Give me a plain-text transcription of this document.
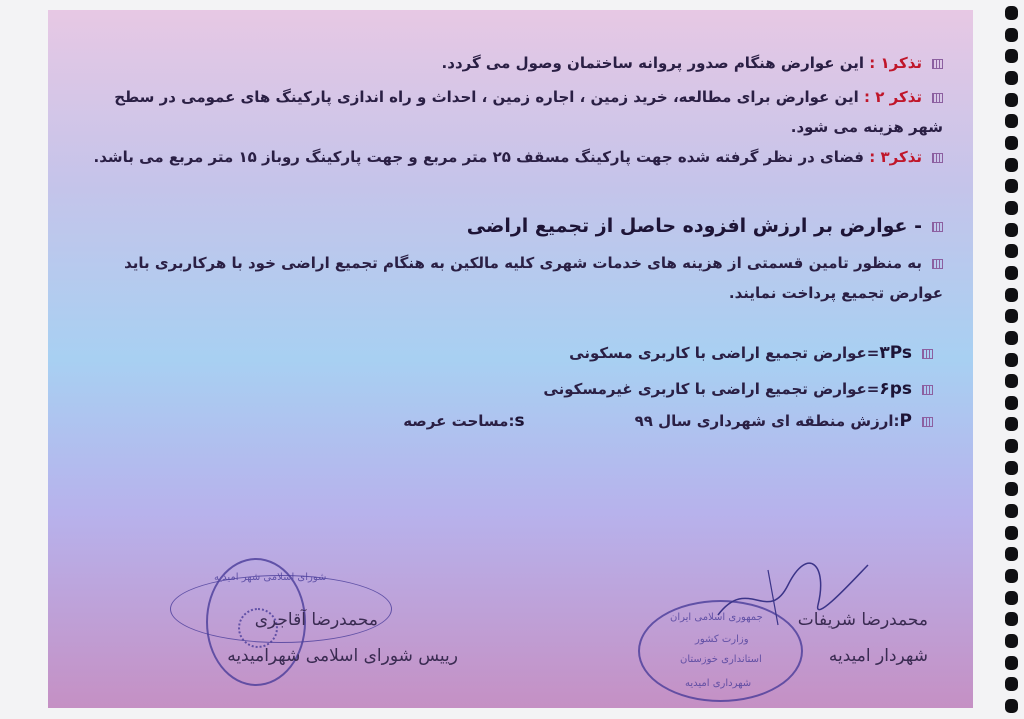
تذکر۱ : این عوارض هنگام صدور پروانه ساختمان وصول می گردد.
تذکر ۲ : این عوارض برای مطالعه، خرید زمین ، اجاره زمین ، احداث و راه اندازی پارکینگ های عمومی در سطح شهر هزینه می شود.
تذکر۳ : فضای در نظر گرفته شده جهت پارکینگ مسقف ۲۵ متر مربع و جهت پارکینگ روباز ۱۵ متر مربع می باشد.
- عوارض بر ارزش افزوده حاصل از تجمیع اراضی
به منظور تامین قسمتی از هزینه های خدمات شهری کلیه مالکین به هنگام تجمیع اراضی خود با هرکاربری باید عوارض تجمیع پرداخت نمایند.
۳Ps=عوارض تجمیع اراضی با کاربری مسکونی
۶ps=عوارض تجمیع اراضی با کاربری غیرمسکونی
P:ارزش منطقه ای شهرداری سال ۹۹s:مساحت عرصه
جمهوری اسلامی ایران
وزارت کشور
استانداری خوزستان
شهرداری امیدیه
شورای اسلامی شهر امیدیه
محمدرضا شریفات
شهردار امیدیه
محمدرضا آقاجری
رییس شورای اسلامی شهرامیدیه
